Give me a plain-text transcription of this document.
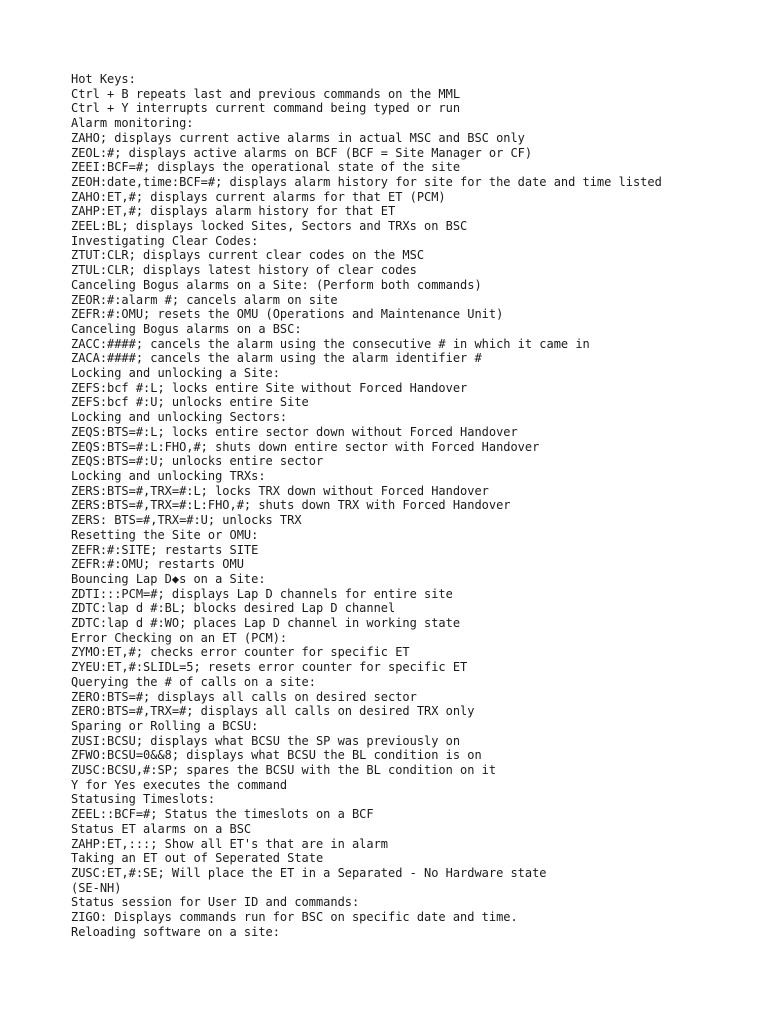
Hot Keys:
Ctrl + B repeats last and previous commands on the MML
Ctrl + Y interrupts current command being typed or run
Alarm monitoring:
ZAHO; displays current active alarms in actual MSC and BSC only
ZEOL:#; displays active alarms on BCF (BCF = Site Manager or CF)
ZEEI:BCF=#; displays the operational state of the site
ZEOH:date,time:BCF=#; displays alarm history for site for the date and time listed
ZAHO:ET,#; displays current alarms for that ET (PCM)
ZAHP:ET,#; displays alarm history for that ET
ZEEL:BL; displays locked Sites, Sectors and TRXs on BSC
Investigating Clear Codes:
ZTUT:CLR; displays current clear codes on the MSC
ZTUL:CLR; displays latest history of clear codes
Canceling Bogus alarms on a Site: (Perform both commands)
ZEOR:#:alarm #; cancels alarm on site
ZEFR:#:OMU; resets the OMU (Operations and Maintenance Unit)
Canceling Bogus alarms on a BSC:
ZACC:####; cancels the alarm using the consecutive # in which it came in
ZACA:####; cancels the alarm using the alarm identifier #
Locking and unlocking a Site:
ZEFS:bcf #:L; locks entire Site without Forced Handover
ZEFS:bcf #:U; unlocks entire Site
Locking and unlocking Sectors:
ZEQS:BTS=#:L; locks entire sector down without Forced Handover
ZEQS:BTS=#:L:FHO,#; shuts down entire sector with Forced Handover
ZEQS:BTS=#:U; unlocks entire sector
Locking and unlocking TRXs:
ZERS:BTS=#,TRX=#:L; locks TRX down without Forced Handover
ZERS:BTS=#,TRX=#:L:FHO,#; shuts down TRX with Forced Handover
ZERS: BTS=#,TRX=#:U; unlocks TRX
Resetting the Site or OMU:
ZEFR:#:SITE; restarts SITE
ZEFR:#:OMU; restarts OMU
Bouncing Lap D◆s on a Site:
ZDTI:::PCM=#; displays Lap D channels for entire site
ZDTC:lap d #:BL; blocks desired Lap D channel
ZDTC:lap d #:WO; places Lap D channel in working state
Error Checking on an ET (PCM):
ZYMO:ET,#; checks error counter for specific ET
ZYEU:ET,#:SLIDL=5; resets error counter for specific ET
Querying the # of calls on a site:
ZERO:BTS=#; displays all calls on desired sector
ZERO:BTS=#,TRX=#; displays all calls on desired TRX only
Sparing or Rolling a BCSU:
ZUSI:BCSU; displays what BCSU the SP was previously on
ZFWO:BCSU=0&&8; displays what BCSU the BL condition is on
ZUSC:BCSU,#:SP; spares the BCSU with the BL condition on it
Y for Yes executes the command
Statusing Timeslots:
ZEEL::BCF=#; Status the timeslots on a BCF
Status ET alarms on a BSC
ZAHP:ET,:::; Show all ET's that are in alarm
Taking an ET out of Seperated State
ZUSC:ET,#:SE; Will place the ET in a Separated - No Hardware state
(SE-NH)
Status session for User ID and commands:
ZIGO: Displays commands run for BSC on specific date and time.
Reloading software on a site:
